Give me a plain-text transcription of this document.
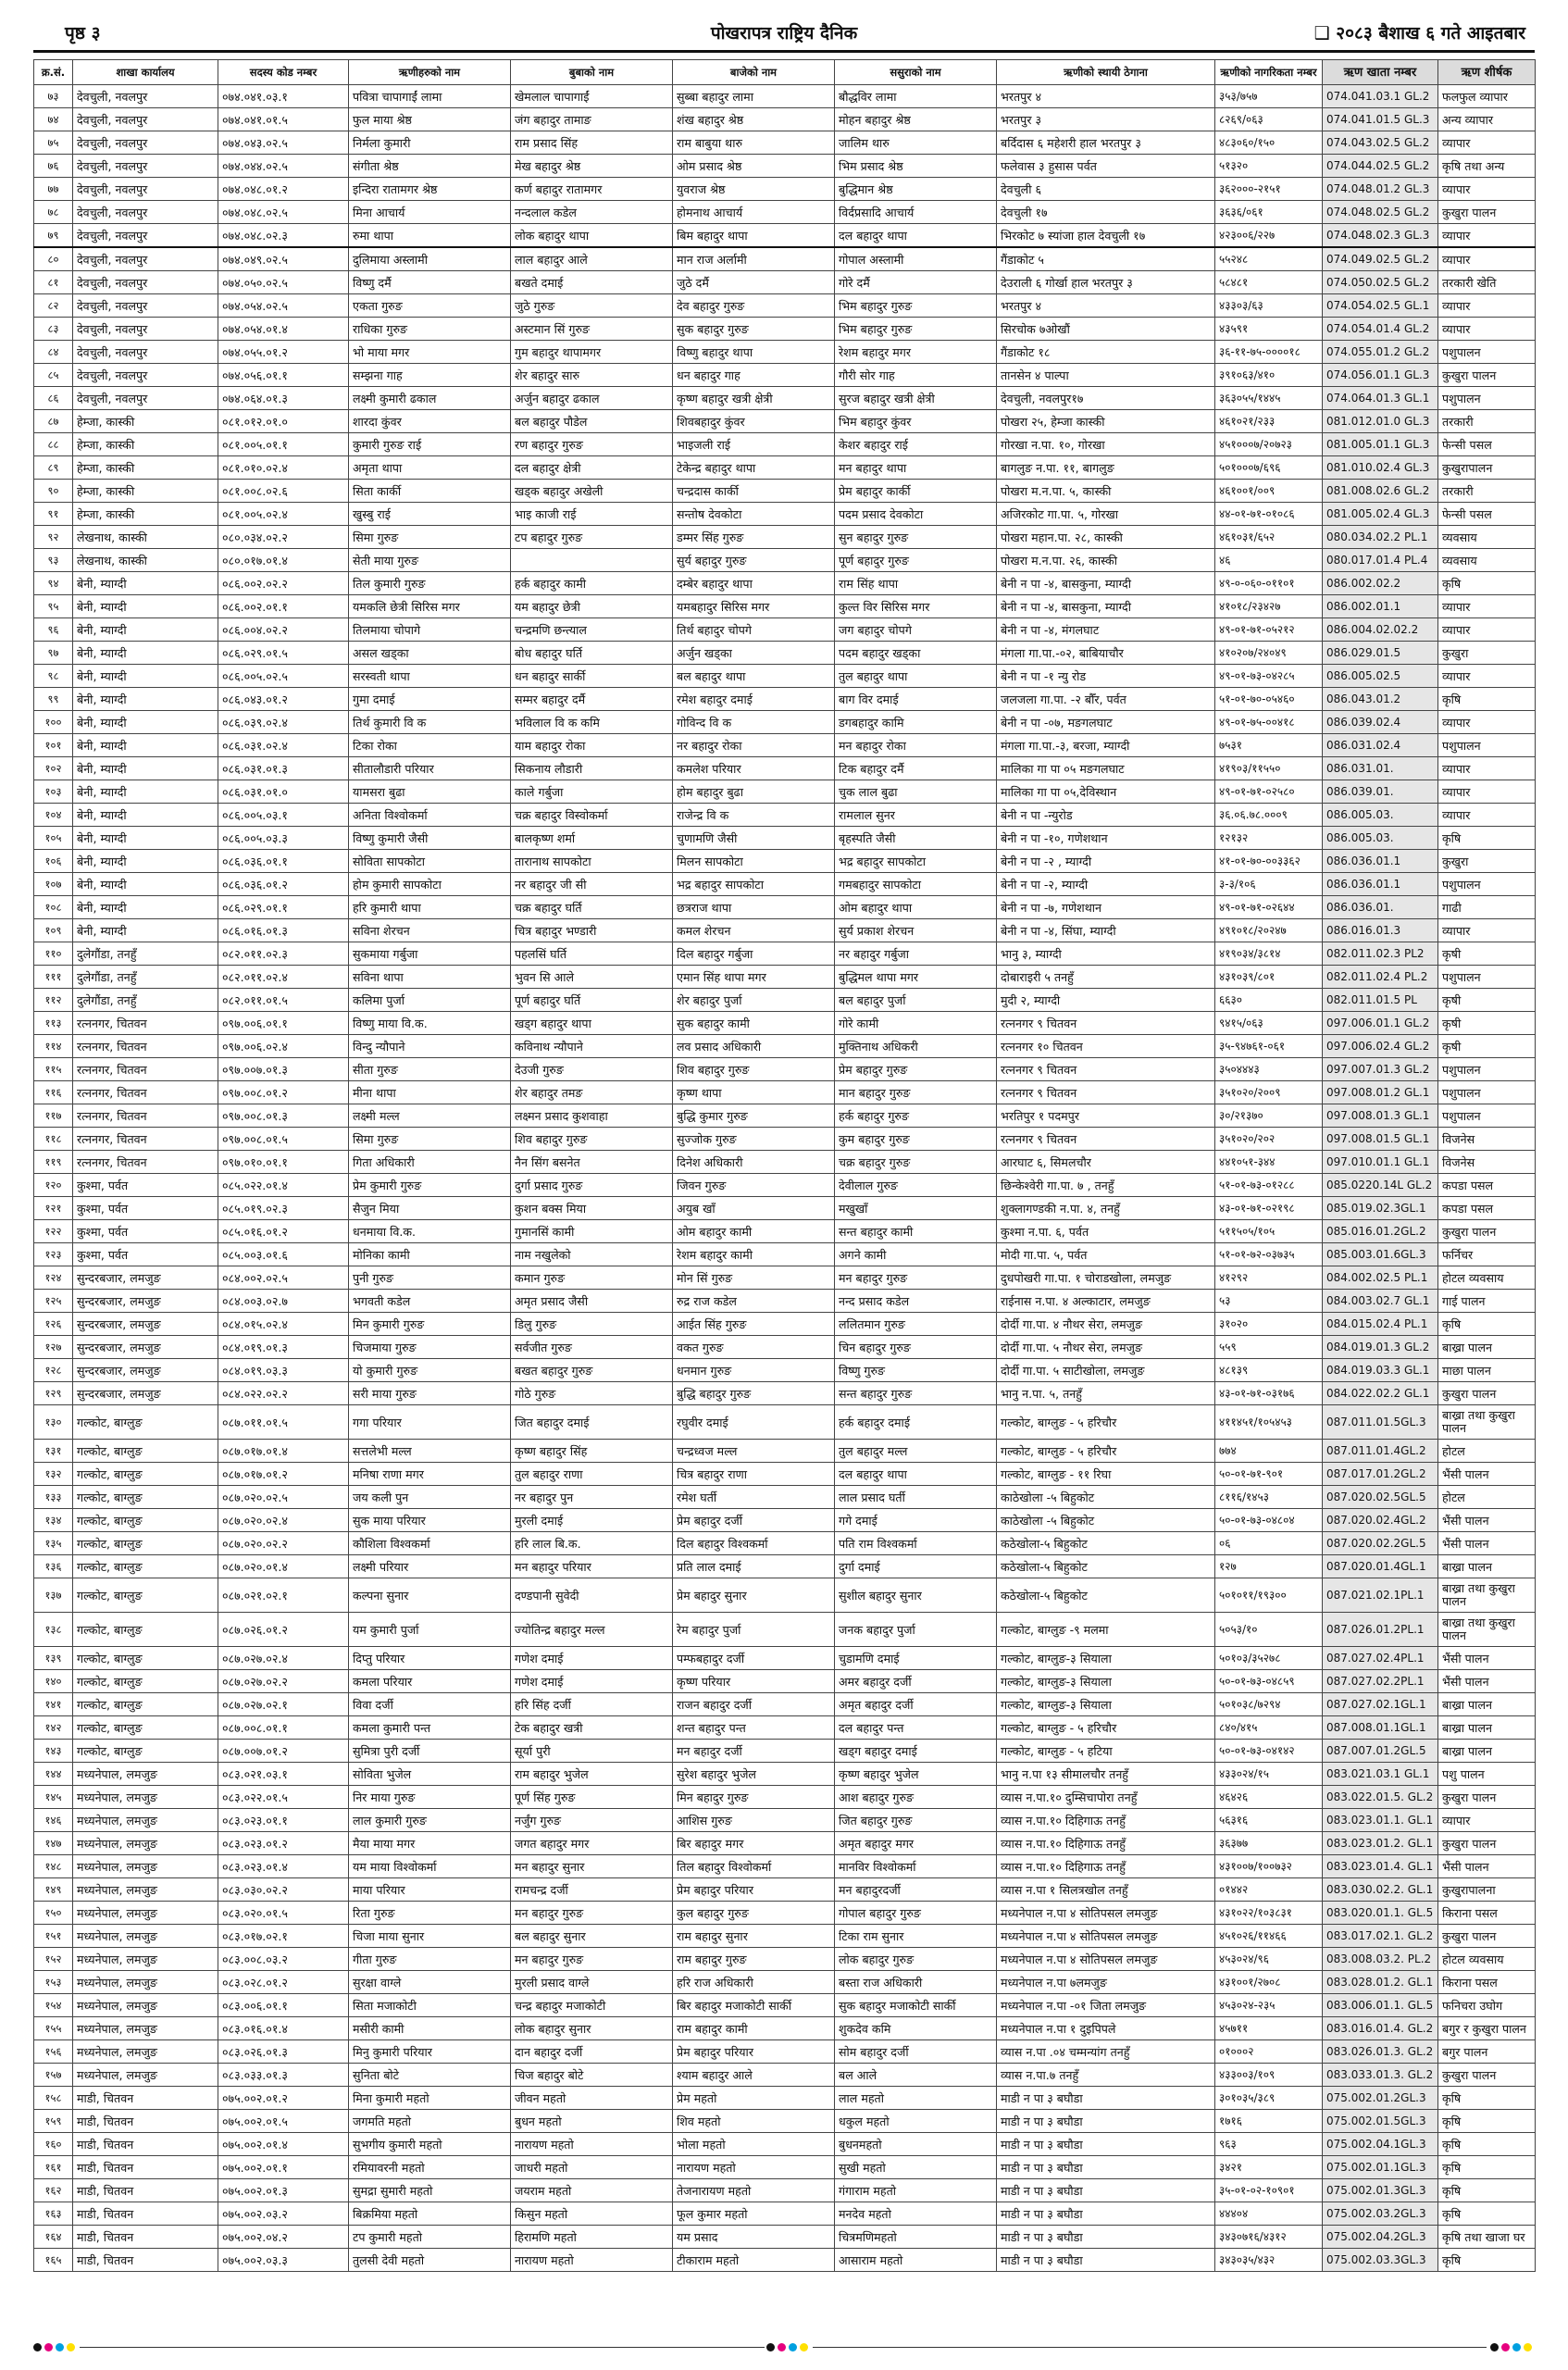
पृष्ठ ३	पोखरापत्र राष्ट्रिय दैनिक	❑ २०८३ बैशाख ६ गते आइतबार
क्र.सं.	शाखा कार्यालय	सदस्य कोड नम्बर	ऋणीहरुको नाम	बुबाको नाम	बाजेको नाम	ससुराको नाम	ऋणीको स्थायी ठेगाना	ऋणीको नागरिकता नम्बर	ऋण खाता नम्बर	ऋण शीर्षक
७३	देवचुली, नवलपुर	०७४.०४१.०३.१	पवित्रा चापागाईं लामा	खेमलाल चापागाईं	सुब्बा बहादुर लामा	बौद्धविर लामा	भरतपुर ४	३५३/७५७	074.041.03.1 GL.2	फलफुल व्यापार
७४	देवचुली, नवलपुर	०७४.०४१.०१.५	फुल माया श्रेष्ठ	जंग बहादुर तामाङ	शंख बहादुर श्रेष्ठ	मोहन बहादुर श्रेष्ठ	भरतपुर ३	८२६९/०६३	074.041.01.5 GL.3	अन्य व्यापार
७५	देवचुली, नवलपुर	०७४.०४३.०२.५	निर्मला कुमारी	राम प्रसाद सिंह	राम बाबुया थारु	जालिम थारु	बर्दिदास ६ महेशरी हाल भरतपुर ३	४८३०६०/१५०	074.043.02.5 GL.2	व्यापार
७६	देवचुली, नवलपुर	०७४.०४४.०२.५	संगीता श्रेष्ठ	मेख बहादुर श्रेष्ठ	ओम प्रसाद श्रेष्ठ	भिम प्रसाद श्रेष्ठ	फलेवास ३ हुसास पर्वत	५१३२०	074.044.02.5 GL.2	कृषि तथा अन्य
७७	देवचुली, नवलपुर	०७४.०४८.०१.२	इन्दिरा रातामगर श्रेष्ठ	कर्ण बहादुर रातामगर	युवराज श्रेष्ठ	बुद्धिमान श्रेष्ठ	देवचुली ६	३६२०००-२१५१	074.048.01.2 GL.3	व्यापार
७८	देवचुली, नवलपुर	०७४.०४८.०२.५	मिना आचार्य	नन्दलाल कडेल	होमनाथ आचार्य	विर्दप्रसादि आचार्य	देवचुली १७	३६३६/०६१	074.048.02.5 GL.2	कुखुरा पालन
७९	देवचुली, नवलपुर	०७४.०४८.०२.३	रुमा थापा	लोक बहादुर थापा	बिम बहादुर थापा	दल बहादुर थापा	भिरकोट ७ स्यांजा हाल देवचुली १७	४२३००६/२२७	074.048.02.3 GL.3	व्यापार
८०	देवचुली, नवलपुर	०७४.०४९.०२.५	दुलिमाया अस्लामी	लाल बहादुर आले	मान राज अर्लामी	गोपाल अस्लामी	गैंडाकोट ५	५५२४८	074.049.02.5 GL.2	व्यापार
८१	देवचुली, नवलपुर	०७४.०५०.०२.५	विष्णु दर्मै	बखते दमाई	जुठे दर्मै	गोरे दर्मै	देउराली ६ गोर्खा हाल भरतपुर ३	५८४८१	074.050.02.5 GL.2	तरकारी खेति
८२	देवचुली, नवलपुर	०७४.०५४.०२.५	एकता गुरुङ	जुठे गुरुङ	देव बहादुर गुरुङ	भिम बहादुर गुरुङ	भरतपुर ४	४३३०३/६३	074.054.02.5 GL.1	व्यापार
८३	देवचुली, नवलपुर	०७४.०५४.०१.४	राधिका गुरुङ	अस्टमान सिं गुरुङ	सुक बहादुर गुरुङ	भिम बहादुर गुरुङ	सिरचोक ७ओखौं	४३५९१	074.054.01.4 GL.2	व्यापार
८४	देवचुली, नवलपुर	०७४.०५५.०१.२	भो माया मगर	गुम बहादुर थापामगर	विष्णु बहादुर थापा	रेशम बहादुर मगर	गैंडाकोट १८	३६-११-७५-००००१८	074.055.01.2 GL.2	पशुपालन
८५	देवचुली, नवलपुर	०७४.०५६.०१.१	सम्झना गाह	शेर बहादुर सारु	धन बहादुर गाह	गौरी सोर गाह	तानसेन ४ पाल्पा	३९१०६३/४१०	074.056.01.1 GL.3	कुखुरा पालन
८६	देवचुली, नवलपुर	०७४.०६४.०१.३	लक्ष्मी कुमारी ढकाल	अर्जुन बहादुर ढकाल	कृष्ण बहादुर खत्री क्षेत्री	सुरज बहादुर खत्री क्षेत्री	देवचुली, नवलपुर१७	३६३०५५/१४४५	074.064.01.3 GL.1	पशुपालन
८७	हेम्जा, कास्की	०८१.०१२.०१.०	शारदा कुंवर	बल बहादुर पौडेल	शिवबहादुर कुंवर	भिम बहादुर कुंवर	पोखरा २५, हेम्जा कास्की	४६१०२१/२३३	081.012.01.0 GL.3	तरकारी
८८	हेम्जा, कास्की	०८१.००५.०१.१	कुमारी गुरुङ राई	रण बहादुर गुरुङ	भाइजली राई	केशर बहादुर राई	गोरखा न.पा. १०, गोरखा	४५१०००७/२०७२३	081.005.01.1 GL.3	फेन्सी पसल
८९	हेम्जा, कास्की	०८१.०१०.०२.४	अमृता थापा	दल बहादुर क्षेत्री	टेकेन्द्र बहादुर थापा	मन बहादुर थापा	बागलुङ न.पा. ११, बागलुङ	५०१०००७/६९६	081.010.02.4 GL.3	कुखुरापालन
९०	हेम्जा, कास्की	०८१.००८.०२.६	सिता कार्की	खड्क बहादुर अखेली	चन्द्रदास कार्की	प्रेम बहादुर कार्की	पोखरा म.न.पा. ५, कास्की	४६१००१/००९	081.008.02.6 GL.2	तरकारी
९१	हेम्जा, कास्की	०८१.००५.०२.४	खुस्बु राई	भाइ काजी राई	सन्तोष देवकोटा	पदम प्रसाद देवकोटा	अजिरकोट गा.पा. ५, गोरखा	४४-०१-७१-०१०८६	081.005.02.4 GL.3	फेन्सी पसल
९२	लेखनाथ, कास्की	०८०.०३४.०२.२	सिमा गुरुङ	टप बहादुर गुरुङ	डम्मर सिंह गुरुङ	सुन बहादुर गुरुङ	पोखरा महान.पा. २८, कास्की	४६१०३१/६५२	080.034.02.2 PL.1	व्यवसाय
९३	लेखनाथ, कास्की	०८०.०१७.०१.४	सेती माया गुरुङ		सुर्य बहादुर गुरुङ	पूर्ण बहादुर गुरुङ	पोखरा म.न.पा. २६, कास्की	४६	080.017.01.4 PL.4	व्यवसाय
९४	बेनी, म्याग्दी	०८६.००२.०२.२	तिल कुमारी गुरुङ	हर्क बहादुर कामी	दम्बेर बहादुर थापा	राम सिंह थापा	बेनी न पा -४, बासकुना, म्याग्दी	४९-०-०६०-०११०१	086.002.02.2	कृषि
९५	बेनी, म्याग्दी	०८६.००२.०१.१	यमकलि छेत्री सिरिस मगर	यम बहादुर छेत्री	यमबहादुर सिरिस मगर	कुल्त विर सिरिस मगर	बेनी न पा -४, बासकुना, म्याग्दी	४१०१८/२३४२७	086.002.01.1	व्यापार
९६	बेनी, म्याग्दी	०८६.००४.०२.२	तिलमाया चोपागे	चन्द्रमणि छन्त्याल	तिर्थ बहादुर चोपगे	जग बहादुर चोपगे	बेनी न पा -४, मंगलघाट	४९-०१-७१-०५२१२	086.004.02.02.2	व्यापार
९७	बेनी, म्याग्दी	०८६.०२९.०१.५	असल खड्का	बोध बहादुर घर्ति	अर्जुन खड्का	पदम बहादुर खड्का	मंगला गा.पा.-०२, बाबियाचौर	४१०२०७/२४०४९	086.029.01.5	कुखुरा
९८	बेनी, म्याग्दी	०८६.००५.०२.५	सरस्वती थापा	धन बहादुर सार्की	बल बहादुर थापा	तुल बहादुर थापा	बेनी न पा -१ न्यु रोड	४९-०१-७३-०४२८५	086.005.02.5	व्यापार
९९	बेनी, म्याग्दी	०८६.०४३.०१.२	गुमा दमाई	सम्मर बहादुर दर्मै	रमेश बहादुर दमाई	बाग विर दमाई	जलजला गा.पा. -२ बौँर, पर्वत	५१-०१-७०-०५४६०	086.043.01.2	कृषि
१००	बेनी, म्याग्दी	०८६.०३९.०२.४	तिर्थ कुमारी वि क	भविलाल वि क कमि	गोविन्द वि क	डगबहादुर कामि	बेनी न पा -०७, मङगलघाट	४९-०१-७५-००४१८	086.039.02.4	व्यापार
१०१	बेनी, म्याग्दी	०८६.०३१.०२.४	टिका रोका	याम बहादुर रोका	नर बहादुर रोका	मन बहादुर रोका	मंगला गा.पा.-३, बरजा, म्याग्दी	७५३१	086.031.02.4	पशुपालन
१०२	बेनी, म्याग्दी	०८६.०३१.०१.३	सीतालौडारी परियार	सिकनाय लौडारी	कमलेश परियार	टिक बहादुर दर्मै	मालिका गा पा ०५ मङगलघाट	४१९०३/११५५०	086.031.01.	व्यापार
१०३	बेनी, म्याग्दी	०८६.०३१.०१.०	यामसरा बुढा	काले गर्बुजा	होम बहादुर बुढा	चुक लाल बुढा	मालिका गा पा ०५,देविस्थान	४९-०१-७१-०२५८०	086.039.01.	व्यापार
१०४	बेनी, म्याग्दी	०८६.००५.०३.१	अनिता विश्वोकर्मा	चक्र बहादुर विस्वोकर्मा	राजेन्द्र वि क	रामलाल सुनर	बेनी न पा -न्युरोड	३६.०६.७८.०००९	086.005.03.	व्यापार
१०५	बेनी, म्याग्दी	०८६.००५.०३.३	विष्णु कुमारी जैसी	बालकृष्ण शर्मा	चुणामणि जैसी	बृहस्पति जैसी	बेनी न पा -१०, गणेशथान	१२१३२	086.005.03.	कृषि
१०६	बेनी, म्याग्दी	०८६.०३६.०१.१	सोविता सापकोटा	तारानाथ सापकोटा	मिलन सापकोटा	भद्र बहादुर सापकोटा	बेनी न पा -२ , म्याग्दी	४१-०१-७०-००३३६२	086.036.01.1	कुखुरा
१०७	बेनी, म्याग्दी	०८६.०३६.०१.२	होम कुमारी सापकोटा	नर बहादुर जी सी	भद्र बहादुर सापकोटा	गमबहादुर सापकोटा	बेनी न पा -२, म्याग्दी	३-३/१०६	086.036.01.1	पशुपालन
१०८	बेनी, म्याग्दी	०८६.०२९.०१.१	हरि कुमारी थापा	चक्र बहादुर घर्ति	छत्रराज थापा	ओम बहादुर थापा	बेनी न पा -७, गणेशथान	४९-०१-७१-०२६४४	086.036.01.	गाढी
१०९	बेनी, म्याग्दी	०८६.०१६.०१.३	सविना शेरचन	चित्र बहादुर भण्डारी	कमल शेरचन	सुर्य प्रकाश शेरचन	बेनी न पा -४, सिंघा, म्याग्दी	४९१०१८/२०२४७	086.016.01.3	व्यापार
११०	दुलेगौंडा, तनहुँ	०८२.०११.०२.३	सुकमाया गर्बुजा	पहलसिं घर्ति	दिल बहादुर गर्बुजा	नर बहादुर गर्बुजा	भानु ३, म्याग्दी	४१९०३४/३८१४	082.011.02.3 PL2	कृषी
१११	दुलेगौंडा, तनहुँ	०८२.०११.०२.४	सविना थापा	भुवन सि आले	एमान सिंह थापा मगर	बुद्धिमल थापा मगर	दोबाराइरी ५ तनहुँ	४३१०३९/८०१	082.011.02.4 PL.2	पशुपालन
११२	दुलेगौंडा, तनहुँ	०८२.०११.०१.५	कलिमा पुर्जा	पूर्ण बहादुर घर्ति	शेर बहादुर पुर्जा	बल बहादुर पुर्जा	मुदी २, म्याग्दी	६६३०	082.011.01.5 PL	कृषी
११३	रत्ननगर, चितवन	०९७.००६.०१.१	विष्णु माया वि.क.	खड्ग बहादुर थापा	सुक बहादुर कामी	गोरे कामी	रत्ननगर ९ चितवन	९४१५/०६३	097.006.01.1 GL.2	कृषी
११४	रत्ननगर, चितवन	०९७.००६.०२.४	विन्दु न्यौपाने	कविनाथ न्यौपाने	लव प्रसाद अधिकारी	मुक्तिनाथ अधिकरी	रत्ननगर १० चितवन	३५-९४७६१-०६१	097.006.02.4 GL.2	कृषी
११५	रत्ननगर, चितवन	०९७.००७.०१.३	सीता गुरुङ	देउजी गुरुङ	शिव बहादुर गुरुङ	प्रेम बहादुर गुरुङ	रत्ननगर ९ चितवन	३५०४४४३	097.007.01.3 GL.2	पशुपालन
११६	रत्ननगर, चितवन	०९७.००८.०१.२	मीना थापा	शेर बहादुर तमङ	कृष्ण थापा	मान बहादुर गुरुङ	रत्ननगर ९ चितवन	३५१०२०/२००९	097.008.01.2 GL.1	पशुपालन
११७	रत्ननगर, चितवन	०९७.००८.०१.३	लक्ष्मी मल्ल	लक्ष्मन प्रसाद कुशवाहा	बुद्धि कुमार गुरुङ	हर्क बहादुर गुरुङ	भरतिपुर १ पदमपुर	३०/२१३७०	097.008.01.3 GL.1	पशुपालन
११८	रत्ननगर, चितवन	०९७.००८.०१.५	सिमा गुरुङ	शिव बहादुर गुरुङ	सुज्जोक गुरुङ	कुम बहादुर गुरुङ	रत्ननगर ९ चितवन	३५१०२०/२०२	097.008.01.5 GL.1	विजनेस
११९	रत्ननगर, चितवन	०९७.०१०.०१.१	गिता अधिकारी	नैन सिंग बसनेत	दिनेश अधिकारी	चक्र बहादुर गुरुङ	आरघाट ६, सिमलचौर	४४१०५१-३४४	097.010.01.1 GL.1	विजनेस
१२०	कुश्मा, पर्वत	०८५.०२२.०१.४	प्रेम कुमारी गुरुङ	दुर्गा प्रसाद गुरुङ	जिवन गुरुङ	देवीलाल गुरुङ	छिन्केश्वेरी गा.पा. ७ , तनहुँ	५१-०१-७३-०१२८८	085.0220.14L GL.2	कपडा पसल
१२१	कुश्मा, पर्वत	०८५.०१९.०२.३	सैजुन मिया	कुशन बक्स मिया	अयुब खाँ	मखुखाँ	शुक्लागण्डकी न.पा. ४, तनहुँ	४३-०१-७१-०२१९८	085.019.02.3GL.1	कपडा पसल
१२२	कुश्मा, पर्वत	०८५.०१६.०१.२	धनमाया वि.क.	गुमानसिं कामी	ओम बहादुर कामी	सन्त बहादुर कामी	कुश्मा न.पा. ६, पर्वत	५११५०५/१०५	085.016.01.2GL.2	कुखुरा पालन
१२३	कुश्मा, पर्वत	०८५.००३.०१.६	मोनिका कामी	नाम नखुलेको	रेशम बहादुर कामी	अगने कामी	मोदी गा.पा. ५, पर्वत	५१-०१-७२-०३७३५	085.003.01.6GL.3	फर्निचर
१२४	सुन्दरबजार, लमजुङ	०८४.००२.०२.५	पुनी गुरुङ	कमान गुरुङ	मोन सिं गुरुङ	मन बहादुर गुरुङ	दुधपोखरी गा.पा. १ चोराडखोला, लमजुङ	४१२९२	084.002.02.5 PL.1	होटल व्यवसाय
१२५	सुन्दरबजार, लमजुङ	०८४.००३.०२.७	भगवती कडेल	अमृत प्रसाद जैसी	रुद्र राज कडेल	नन्द प्रसाद कडेल	राईनास न.पा. ४ अल्काटार, लमजुङ	५३	084.003.02.7 GL.1	गाई पालन
१२६	सुन्दरबजार, लमजुङ	०८४.०१५.०२.४	मिन कुमारी गुरुङ	डिलु गुरुङ	आईत सिंह गुरुङ	ललितमान गुरुङ	दोर्दी गा.पा. ४ नौथर सेरा, लमजुङ	३१०२०	084.015.02.4 PL.1	कृषि
१२७	सुन्दरबजार, लमजुङ	०८४.०१९.०१.३	चिजमाया गुरुङ	सर्वजीत गुरुङ	वकत गुरुङ	चिन बहादुर गुरुङ	दोर्दी गा.पा. ५ नौथर सेरा, लमजुङ	५५९	084.019.01.3 GL.2	बाख्रा पालन
१२८	सुन्दरबजार, लमजुङ	०८४.०१९.०३.३	यो कुमारी गुरुङ	बखत बहादुर गुरुङ	धनमान गुरुङ	विष्णु गुरुङ	दोर्दी गा.पा. ५ साटीखोला, लमजुङ	४८१३९	084.019.03.3 GL.1	माछा पालन
१२९	सुन्दरबजार, लमजुङ	०८४.०२२.०२.२	सरी माया गुरुङ	गोठे गुरुङ	बुद्धि बहादुर गुरुङ	सन्त बहादुर गुरुङ	भानु न.पा. ५, तनहुँ	४३-०१-७१-०३१७६	084.022.02.2 GL.1	कुखुरा पालन
१३०	गल्कोट, बाग्लुङ	०८७.०११.०१.५	गगा परियार	जित बहादुर दमाई	रघुवीर दमाई	हर्क बहादुर दमाई	गल्कोट, बाग्लुङ - ५ हरिचौर	४११४५१/१०५४५३	087.011.01.5GL.3	बाख्रा तथा कुखुरा पालन
१३१	गल्कोट, बाग्लुङ	०८७.०१७.०१.४	सत्तलेभी मल्ल	कृष्ण बहादुर सिंह	चन्द्रध्वज मल्ल	तुल बहादुर मल्ल	गल्कोट, बाग्लुङ - ५ हरिचौर	७७४	087.011.01.4GL.2	होटल
१३२	गल्कोट, बाग्लुङ	०८७.०१७.०१.२	मनिषा राणा मगर	तुल बहादुर राणा	चित्र बहादुर राणा	दल बहादुर थापा	गल्कोट, बाग्लुङ - ११ रिघा	५०-०१-७१-९०१	087.017.01.2GL.2	भैंसी पालन
१३३	गल्कोट, बाग्लुङ	०८७.०२०.०२.५	जय कली पुन	नर बहादुर पुन	रमेश घर्ती	लाल प्रसाद घर्ती	काठेखोला -५ बिहुकोट	८११६/१४५३	087.020.02.5GL.5	होटल
१३४	गल्कोट, बाग्लुङ	०८७.०२०.०२.४	सुक माया परियार	मुरली दमाई	प्रेम बहादुर दर्जी	गगे दमाई	काठेखोला -५ बिहुकोट	५०-०१-७३-०४८०४	087.020.02.4GL.2	भैंसी पालन
१३५	गल्कोट, बाग्लुङ	०८७.०२०.०२.२	कौशिला विश्वकर्मा	हरि लाल बि.क.	दिल बहादुर विश्वकर्मा	पति राम विश्वकर्मा	कठेखोला-५ बिहुकोट	०६	087.020.02.2GL.5	भैंसी पालन
१३६	गल्कोट, बाग्लुङ	०८७.०२०.०१.४	लक्ष्मी परियार	मन बहादुर परियार	प्रति लाल दमाई	दुर्गा दमाई	कठेखोला-५ बिहुकोट	१२७	087.020.01.4GL.1	बाख्रा पालन
१३७	गल्कोट, बाग्लुङ	०८७.०२१.०२.१	कल्पना सुनार	दण्डपानी सुवेदी	प्रेम बहादुर सुनार	सुशील बहादुर सुनार	कठेखोला-५ बिहुकोट	५०१०११/१९३००	087.021.02.1PL.1	बाख्रा तथा कुखुरा पालन
१३८	गल्कोट, बाग्लुङ	०८७.०२६.०१.२	यम कुमारी पुर्जा	ज्योतिन्द्र बहादुर मल्ल	रेम बहादुर पुर्जा	जनक बहादुर पुर्जा	गल्कोट, बाग्लुङ -९ मलमा	५०५३/१०	087.026.01.2PL.1	बाख्रा तथा कुखुरा पालन
१३९	गल्कोट, बाग्लुङ	०८७.०२७.०२.४	दिप्तु परियार	गणेश दमाई	पम्फबहादुर दर्जी	चुडामणि दमाई	गल्कोट, बाग्लुङ-३ सियाला	५०१०३/३५२७८	087.027.02.4PL.1	भैंसी पालन
१४०	गल्कोट, बाग्लुङ	०८७.०२७.०२.२	कमला परियार	गणेश दमाई	कृष्ण परियार	अमर बहादुर दर्जी	गल्कोट, बाग्लुङ-३ सियाला	५०-०१-७३-०४८५९	087.027.02.2PL.1	भैंसी पालन
१४१	गल्कोट, बाग्लुङ	०८७.०२७.०२.१	विवा दर्जी	हरि सिंह दर्जी	राजन बहादुर दर्जी	अमृत बहादुर दर्जी	गल्कोट, बाग्लुङ-३ सियाला	५०१०३८/७२९४	087.027.02.1GL.1	बाख्रा पालन
१४२	गल्कोट, बाग्लुङ	०८७.००८.०१.१	कमला कुमारी पन्त	टेक बहादुर खत्री	शन्त बहादुर पन्त	दल बहादुर पन्त	गल्कोट, बाग्लुङ - ५ हरिचौर	८४०/४१५	087.008.01.1GL.1	बाख्रा पालन
१४३	गल्कोट, बाग्लुङ	०८७.००७.०१.२	सुमित्रा पुरी दर्जी	सूर्या पुरी	मन बहादुर दर्जी	खड्ग बहादुर दमाई	गल्कोट, बाग्लुङ - ५ हटिया	५०-०१-७३-०४१४२	087.007.01.2GL.5	बाख्रा पालन
१४४	मध्यनेपाल, लमजुङ	०८३.०२१.०३.१	सोविता भुजेल	राम बहादुर भुजेल	सुरेश बहादुर भुजेल	कृष्ण बहादुर भुजेल	भानु न.पा १३ सीमालचौर तनहुँ	४३३०२४/१५	083.021.03.1 GL.1	पशु पालन
१४५	मध्यनेपाल, लमजुङ	०८३.०२२.०१.५	निर माया गुरुङ	पूर्ण सिंह गुरुङ	मिन बहादुर गुरुङ	आश बहादुर गुरुङ	व्यास न.पा.१० दुम्सिचापोरा तनहुँ	४६४२६	083.022.01.5. GL.2	कुखुरा पालन
१४६	मध्यनेपाल, लमजुङ	०८३.०२३.०१.१	लाल कुमारी गुरुङ	नर्जुंग गुरुङ	आशिस गुरुङ	जित बहादुर गुरुङ	व्यास न.पा.१० दिहिगाऊ तनहुँ	५६३१६	083.023.01.1. GL.1	व्यापार
१४७	मध्यनेपाल, लमजुङ	०८३.०२३.०१.२	मैया माया मगर	जगत बहादुर मगर	बिर बहादुर मगर	अमृत बहादुर मगर	व्यास न.पा.१० दिहिगाऊ तनहुँ	३६३७७	083.023.01.2. GL.1	कुखुरा पालन
१४८	मध्यनेपाल, लमजुङ	०८३.०२३.०१.४	यम माया विश्वोकर्मा	मन बहादुर सुनार	तिल बहादुर विश्वोकर्मा	मानविर विश्वोकर्मा	व्यास न.पा.१० दिहिगाऊ तनहुँ	४३१००७/१००७३२	083.023.01.4. GL.1	भैंसी पालन
१४९	मध्यनेपाल, लमजुङ	०८३.०३०.०२.२	माया परियार	रामचन्द्र दर्जी	प्रेम बहादुर परियार	मन बहादुरदर्जी	व्यास न.पा १ सिलत्रखोल तनहुँ	०१४४२	083.030.02.2. GL.1	कुखुरापालना
१५०	मध्यनेपाल, लमजुङ	०८३.०२०.०१.५	रिता गुरुङ	मन बहादुर गुरुङ	कुल बहादुर गुरुङ	गोपाल बहादुर गुरुङ	मध्यनेपाल न.पा ४ सोतिपसल लमजुङ	४३१०२२/१०३८३१	083.020.01.1. GL.5	किराना पसल
१५१	मध्यनेपाल, लमजुङ	०८३.०१७.०२.१	चिजा माया सुनार	बल बहादुर सुनार	राम बहादुर सुनार	टिका राम सुनार	मध्यनेपाल न.पा ४ सोतिपसल लमजुङ	४५१०२६/११४६६	083.017.02.1. GL.2	कुखुरा पालन
१५२	मध्यनेपाल, लमजुङ	०८३.००८.०३.२	गीता गुरुङ	मन बहादुर गुरुङ	राम बहादुर गुरुङ	लोक बहादुर गुरुङ	मध्यनेपाल न.पा ४ सोतिपसल लमजुङ	४५३०२४/९६	083.008.03.2. PL.2	होटल व्यवसाय
१५३	मध्यनेपाल, लमजुङ	०८३.०२८.०१.२	सुरक्षा वाग्ले	मुरली प्रसाद वाग्ले	हरि राज अधिकारी	बस्ता राज अधिकारी	मध्यनेपाल न.पा ७लमजुङ	४३१००१/२७०८	083.028.01.2. GL.1	किराना पसल
१५४	मध्यनेपाल, लमजुङ	०८३.००६.०१.१	सिता मजाकोटी	चन्द्र बहादुर मजाकोटी	बिर बहादुर मजाकोटी सार्की	सुक बहादुर मजाकोटी सार्की	मध्यनेपाल न.पा -०१ जिता लमजुङ	४५३०२४-२३५	083.006.01.1. GL.5	फनिचरा उघोग
१५५	मध्यनेपाल, लमजुङ	०८३.०१६.०१.४	मसीरी कामी	लोक बहादुर सुनार	राम बहादुर कामी	शुकदेव कमि	मध्यनेपाल न.पा १ दुइपिपले	४५७११	083.016.01.4. GL.2	बगुर र कुखुरा पालन
१५६	मध्यनेपाल, लमजुङ	०८३.०२६.०१.३	मिनु कुमारी परियार	दान बहादुर दर्जी	प्रेम बहादुर परियार	सोम बहादुर दर्जी	व्यास न.पा .०४ चम्मन्यांग तनहुँ	०१०००२	083.026.01.3. GL.2	बगुर पालन
१५७	मध्यनेपाल, लमजुङ	०८३.०३३.०१.३	सुनिता बोटे	चिज बहादुर बोटे	श्याम बहादुर आले	बल आले	व्यास न.पा.७ तनहुँ	४३३००३/१०९	083.033.01.3. GL.2	कुखुरा पालन
१५८	माडी, चितवन	०७५.००२.०१.२	मिना कुमारी महतो	जीवन महतो	प्रेम महतो	लाल महतो	माडी न पा ३ बघौडा	३०१०३५/३८९	075.002.01.2GL.3	कृषि
१५९	माडी, चितवन	०७५.००२.०१.५	जगमति महतो	बुधन महतो	शिव महतो	धकुल महतो	माडी न पा ३ बघौडा	१७१६	075.002.01.5GL.3	कृषि
१६०	माडी, चितवन	०७५.००२.०१.४	सुभगीय कुमारी महतो	नारायण महतो	भोला महतो	बुधनमहतो	माडी न पा ३ बघौडा	९६३	075.002.04.1GL.3	कृषि
१६१	माडी, चितवन	०७५.००२.०१.१	रमियावरनी महतो	जाधरी महतो	नारायण महतो	सुखी महतो	माडी न पा ३ बघौडा	३४२१	075.002.01.1GL.3	कृषि
१६२	माडी, चितवन	०७५.००२.०१.३	सुमद्रा सुमारी महतो	जयराम महतो	तेजनारायण महतो	गंगाराम महतो	माडी न पा ३ बघौडा	३५-०१-०२-१०९०१	075.002.01.3GL.3	कृषि
१६३	माडी, चितवन	०७५.००२.०३.२	बिक्रमिया महतो	किसुन महतो	फूल कुमार महतो	मनदेव महतो	माडी न पा ३ बघौडा	४४४०४	075.002.03.2GL.3	कृषि
१६४	माडी, चितवन	०७५.००२.०४.२	टप कुमारी महतो	हिरामणि महतो	यम प्रसाद	चित्रमणिमहतो	माडी न पा ३ बघौडा	३४३०७१६/४३१२	075.002.04.2GL.3	कृषि तथा खाजा घर
१६५	माडी, चितवन	०७५.००२.०३.३	तुलसी देवी महतो	नारायण महतो	टीकाराम महतो	आसाराम महतो	माडी न पा ३ बघौडा	३४३०३५/४३२	075.002.03.3GL.3	कृषि
